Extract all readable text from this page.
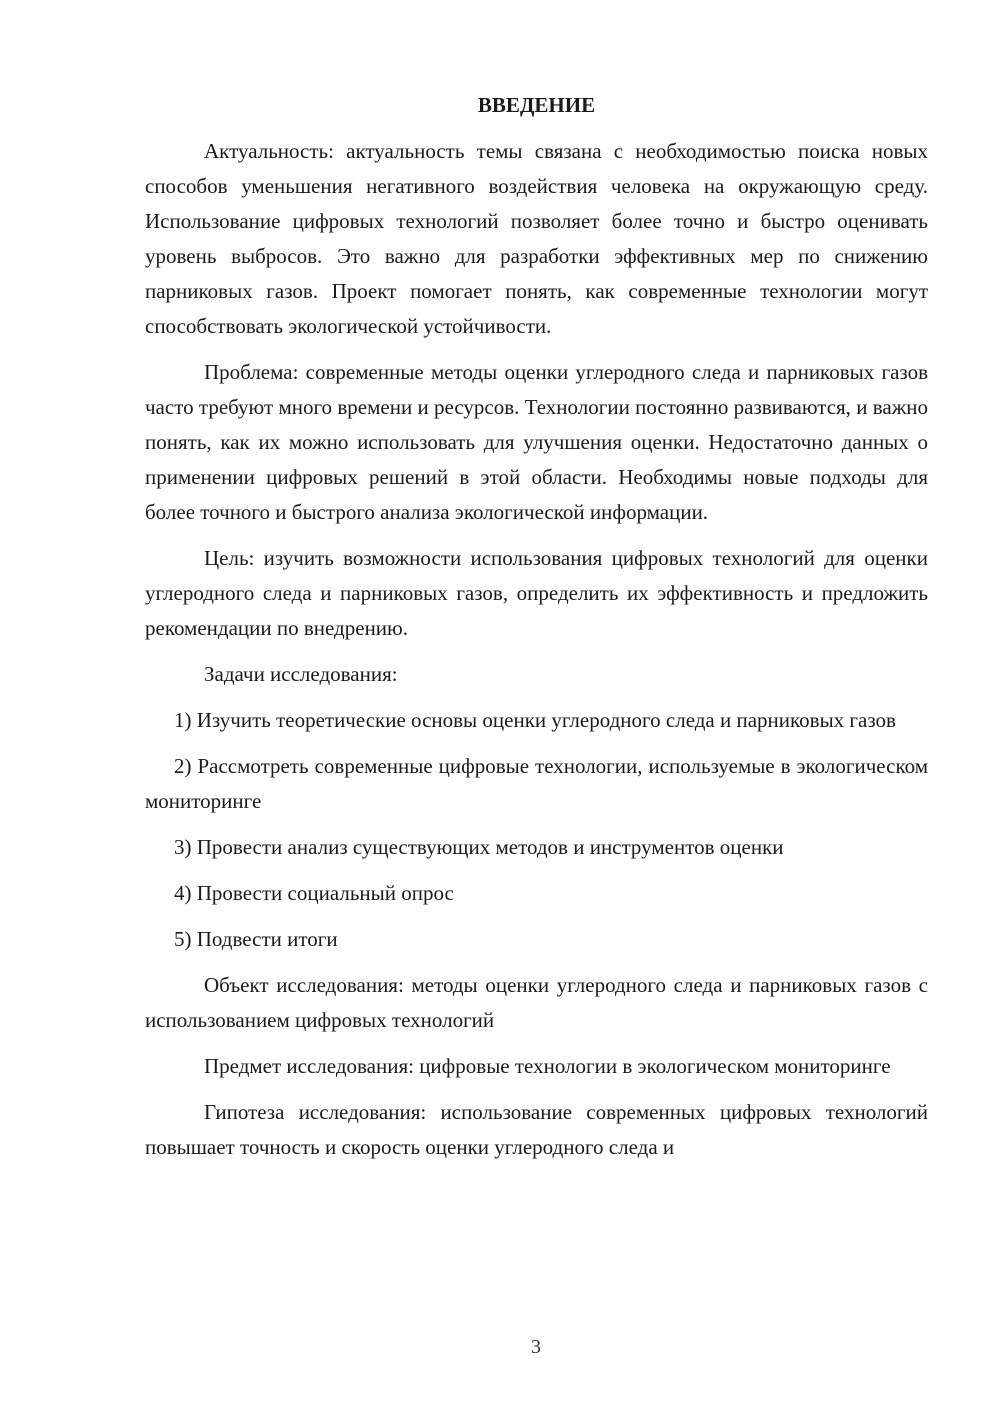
ВВЕДЕНИЕ

Актуальность: актуальность темы связана с необходимостью поиска новых способов уменьшения негативного воздействия человека на окружающую среду. Использование цифровых технологий позволяет более точно и быстро оценивать уровень выбросов. Это важно для разработки эффективных мер по снижению парниковых газов. Проект помогает понять, как современные технологии могут способствовать экологической устойчивости.

Проблема: современные методы оценки углеродного следа и парниковых газов часто требуют много времени и ресурсов. Технологии постоянно развиваются, и важно понять, как их можно использовать для улучшения оценки. Недостаточно данных о применении цифровых решений в этой области. Необходимы новые подходы для более точного и быстрого анализа экологической информации.

Цель: изучить возможности использования цифровых технологий для оценки углеродного следа и парниковых газов, определить их эффективность и предложить рекомендации по внедрению.

Задачи исследования:

1) Изучить теоретические основы оценки углеродного следа и парниковых газов

2) Рассмотреть современные цифровые технологии, используемые в экологическом мониторинге

3) Провести анализ существующих методов и инструментов оценки

4) Провести социальный опрос

5) Подвести итоги

Объект исследования: методы оценки углеродного следа и парниковых газов с использованием цифровых технологий

Предмет исследования: цифровые технологии в экологическом мониторинге

Гипотеза исследования: использование современных цифровых технологий повышает точность и скорость оценки углеродного следа и

3
